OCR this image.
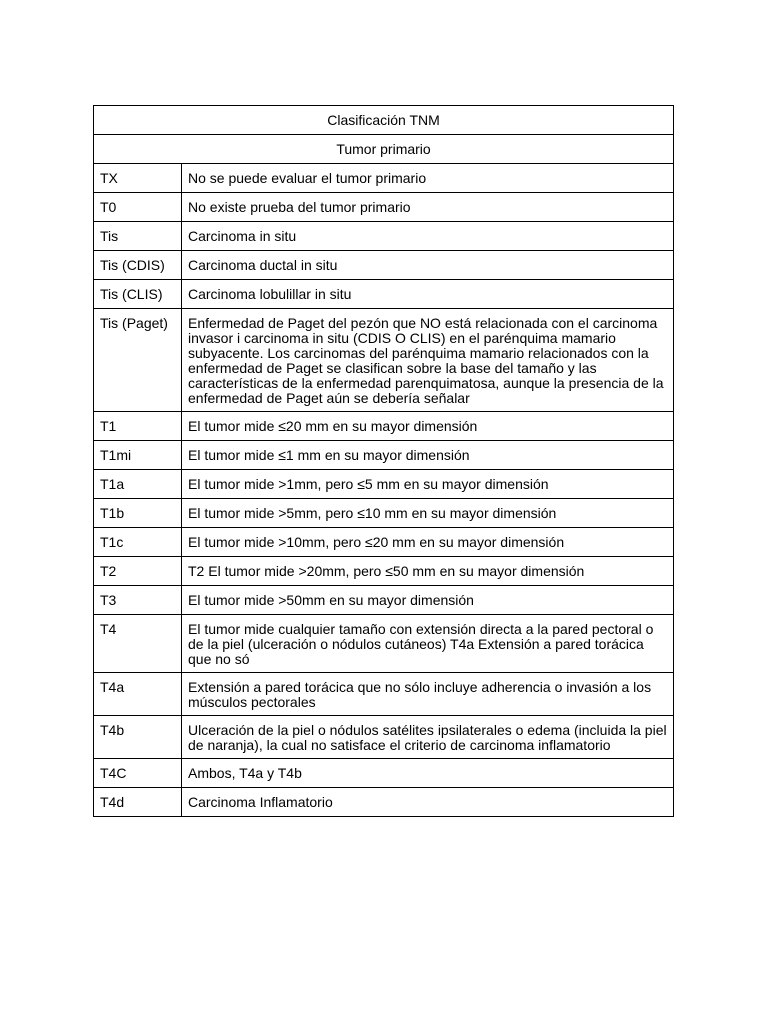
Clasificación TNM	
Tumor primario	
TX	No se puede evaluar el tumor primario
T0	No existe prueba del tumor primario
Tis	Carcinoma in situ
Tis (CDIS)	Carcinoma ductal in situ
Tis (CLIS)	Carcinoma lobulillar in situ
Tis (Paget)	Enfermedad de Paget del pezón que NO está relacionada con el carcinoma invasor i carcinoma in situ (CDIS O CLIS) en el parénquima mamario subyacente. Los carcinomas del parénquima mamario relacionados con la enfermedad de Paget se clasifican sobre la base del tamaño y las características de la enfermedad parenquimatosa, aunque la presencia de la enfermedad de Paget aún se debería señalar
T1	El tumor mide ≤20 mm en su mayor dimensión
T1mi	El tumor mide ≤1 mm en su mayor dimensión
T1a	El tumor mide >1mm, pero ≤5 mm en su mayor dimensión
T1b	El tumor mide >5mm, pero ≤10 mm en su mayor dimensión
T1c	El tumor mide >10mm, pero ≤20 mm en su mayor dimensión
T2	T2 El tumor mide >20mm, pero ≤50 mm en su mayor dimensión
T3	El tumor mide >50mm en su mayor dimensión
T4	El tumor mide cualquier tamaño con extensión directa a la pared pectoral o de la piel (ulceración o nódulos cutáneos) T4a Extensión a pared torácica que no só
T4a	Extensión a pared torácica que no sólo incluye adherencia o invasión a los músculos pectorales
T4b	Ulceración de la piel o nódulos satélites ipsilaterales o edema (incluida la piel de naranja), la cual no satisface el criterio de carcinoma inflamatorio
T4C	Ambos, T4a y T4b
T4d	Carcinoma Inflamatorio
